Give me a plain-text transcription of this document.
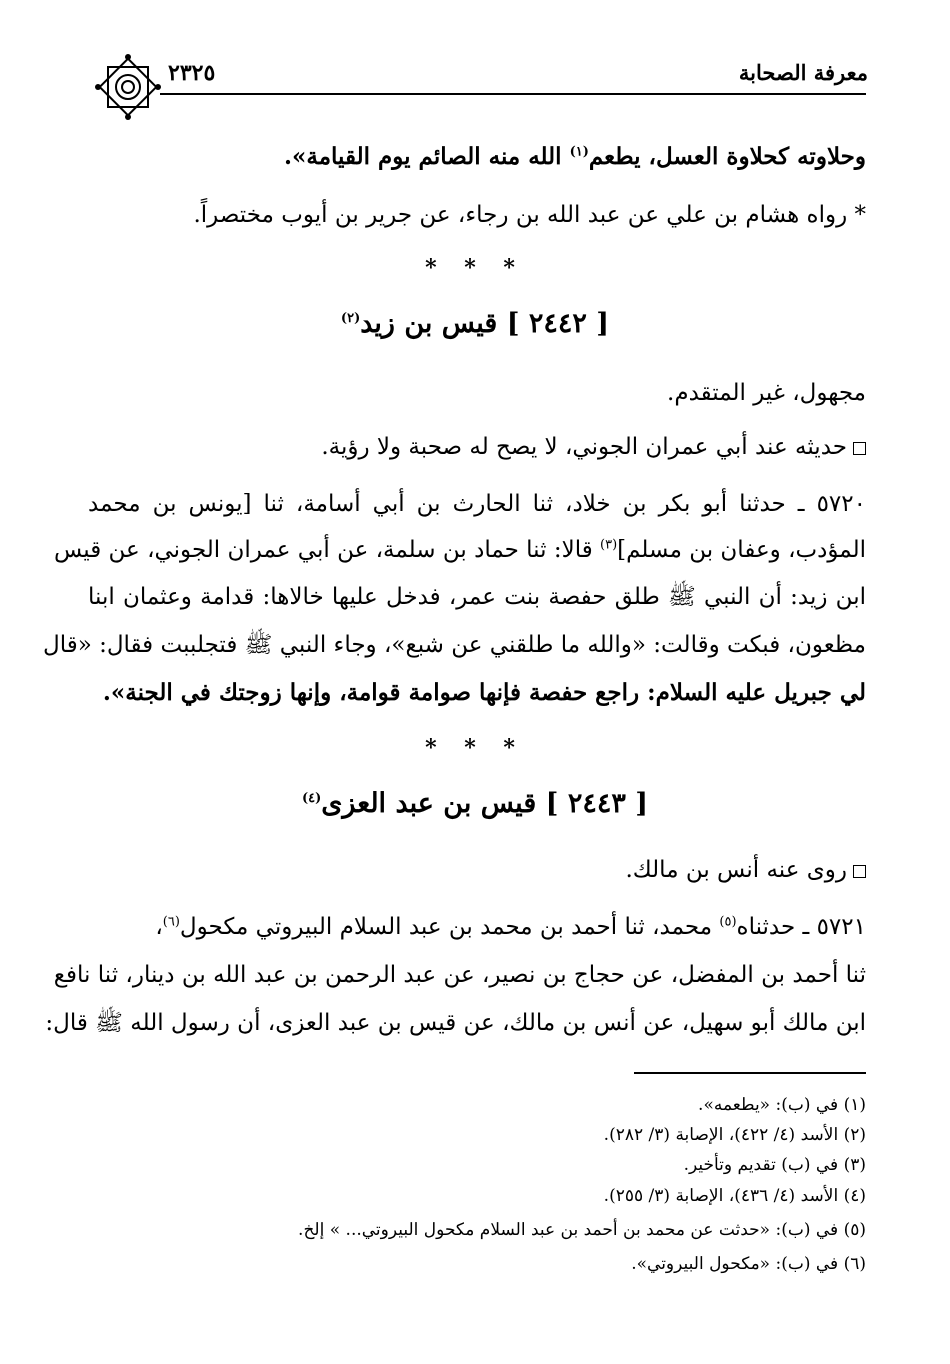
معرفة الصحابة
٢٣٢٥
وحلاوته كحلاوة العسل، يطعم$^{(١)}$ الله منه الصائم يوم القيامة».
* رواه هشام بن علي عن عبد الله بن رجاء، عن جرير بن أيوب مختصراً.
* * *
[ ٢٤٤٢ ] قيس بن زيد$^{(٢)}$
مجهول، غير المتقدم.
حديثه عند أبي عمران الجوني، لا يصح له صحبة ولا رؤية.
٥٧٢٠ ـ حدثنا أبو بكر بن خلاد، ثنا الحارث بن أبي أسامة، ثنا [يونس بن محمد
المؤدب، وعفان بن مسلم]$^{(٣)}$ قالا: ثنا حماد بن سلمة، عن أبي عمران الجوني، عن قيس
ابن زيد: أن النبي ﷺ طلق حفصة بنت عمر، فدخل عليها خالاها: قدامة وعثمان ابنا
مظعون، فبكت وقالت: «والله ما طلقني عن شبع»، وجاء النبي ﷺ فتجلببت فقال: «قال
لي جبريل عليه السلام: راجع حفصة فإنها صوامة قوامة، وإنها زوجتك في الجنة».
* * *
[ ٢٤٤٣ ] قيس بن عبد العزى$^{(٤)}$
روى عنه أنس بن مالك.
٥٧٢١ ـ حدثناه$^{(٥)}$ محمد، ثنا أحمد بن محمد بن عبد السلام البيروتي مكحول$^{(٦)}$،
ثنا أحمد بن المفضل، عن حجاج بن نصير، عن عبد الرحمن بن عبد الله بن دينار، ثنا نافع
ابن مالك أبو سهيل، عن أنس بن مالك، عن قيس بن عبد العزى، أن رسول الله ﷺ قال:
(١) في (ب): «يطعمه».
(٢) الأسد (٤/ ٤٢٢)، الإصابة (٣/ ٢٨٢).
(٣) في (ب) تقديم وتأخير.
(٤) الأسد (٤/ ٤٣٦)، الإصابة (٣/ ٢٥٥).
(٥) في (ب): «حدثت عن محمد بن أحمد بن عبد السلام مكحول البيروتي... » إلخ.
(٦) في (ب): «مكحول البيروتي».
